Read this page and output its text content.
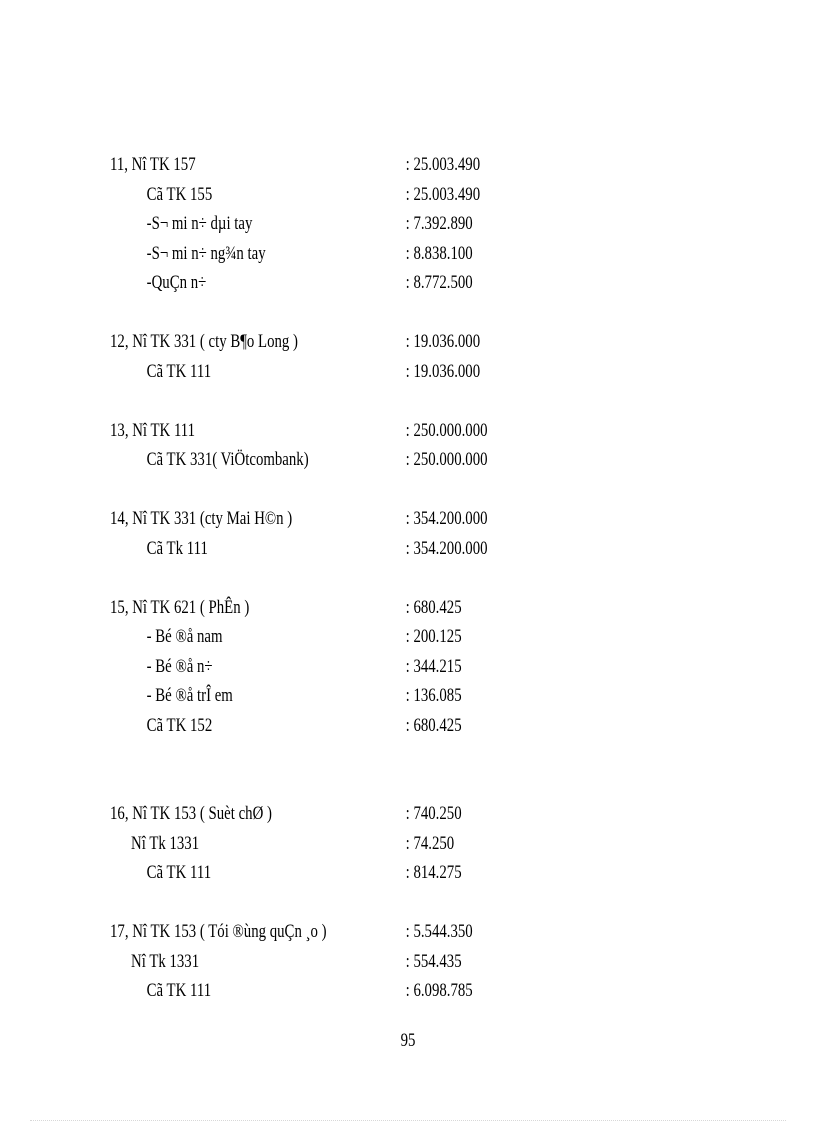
11, Nî TK 157	: 25.003.490
Cã TK 155	: 25.003.490
-S¬ mi n÷ dµi tay	: 7.392.890
-S¬ mi n÷ ng¾n tay	: 8.838.100
-QuÇn n÷	: 8.772.500
12, Nî TK 331 ( cty B¶o Long )	: 19.036.000
Cã TK 111	: 19.036.000
13, Nî TK 111	: 250.000.000
Cã TK 331( ViÖtcombank)	: 250.000.000
14, Nî TK 331 (cty Mai H©n )	: 354.200.000
Cã Tk 111	: 354.200.000
15, Nî TK 621 ( PhÊn )	: 680.425
- Bé ®å nam	: 200.125
- Bé ®å n÷	: 344.215
- Bé ®å trÎ em	: 136.085
Cã TK 152	: 680.425
16, Nî TK 153 ( Suèt chØ )	: 740.250
Nî Tk 1331	: 74.250
Cã TK 111	: 814.275
17, Nî TK 153 ( Tói ®ùng quÇn ¸o )	: 5.544.350
Nî Tk 1331	: 554.435
Cã TK 111	: 6.098.785
95
